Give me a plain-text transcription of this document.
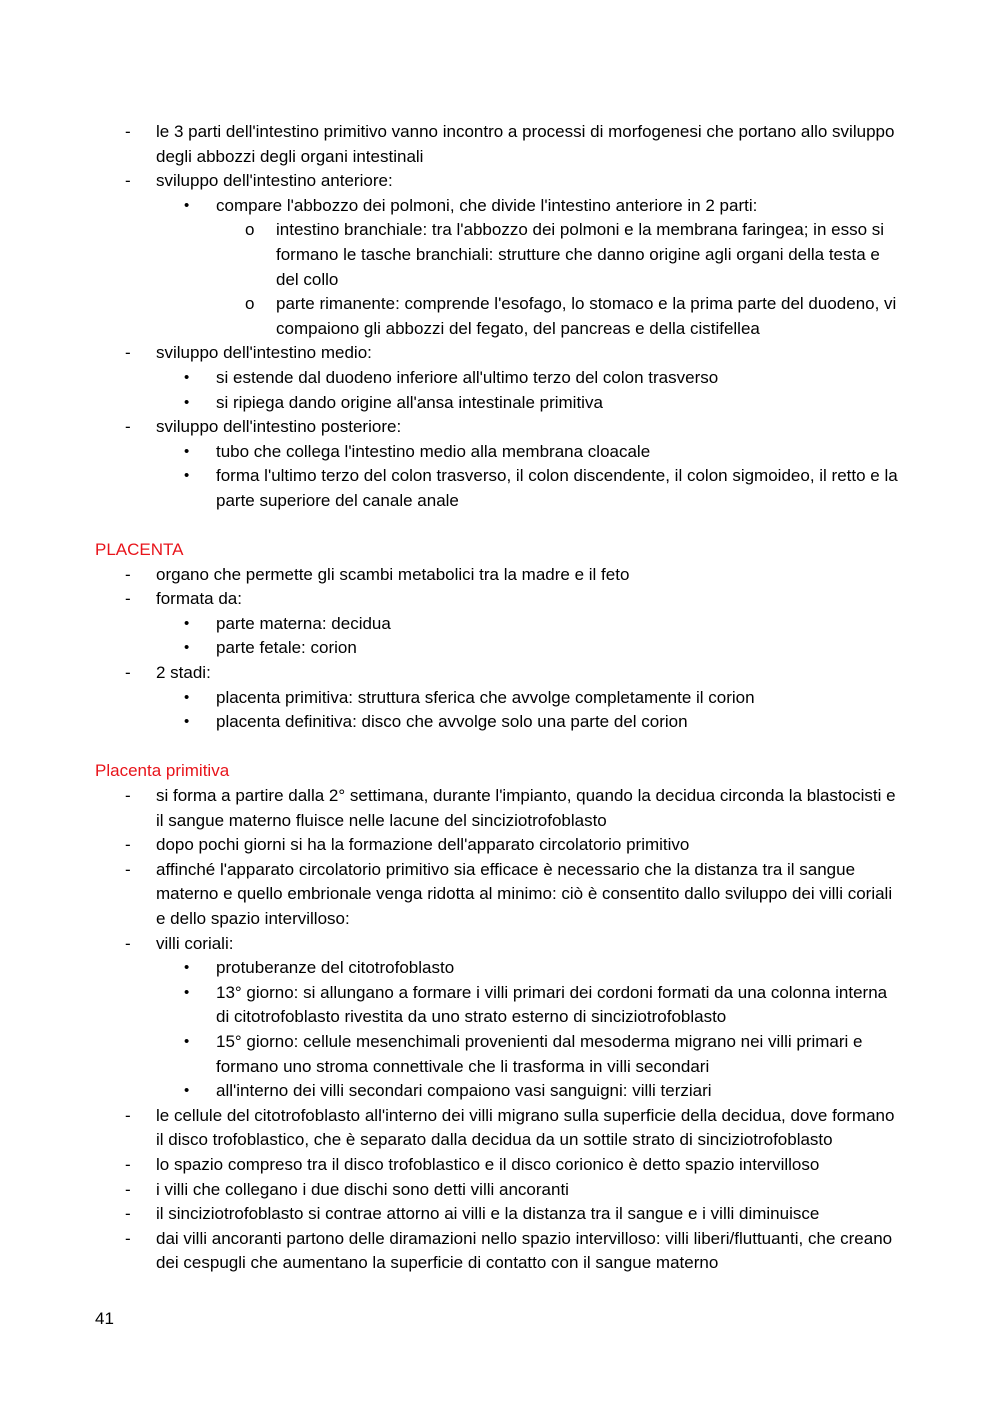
- le 3 parti dell'intestino primitivo vanno incontro a processi di morfogenesi che portano allo sviluppo degli abbozzi degli organi intestinali
- sviluppo dell'intestino anteriore:
• compare l'abbozzo dei polmoni, che divide l'intestino anteriore in 2 parti:
o intestino branchiale: tra l'abbozzo dei polmoni e la membrana faringea; in esso si formano le tasche branchiali: strutture che danno origine agli organi della testa e del collo
o parte rimanente: comprende l'esofago, lo stomaco e la prima parte del duodeno, vi compaiono gli abbozzi del fegato, del pancreas e della cistifellea
- sviluppo dell'intestino medio:
• si estende dal duodeno inferiore all'ultimo terzo del colon trasverso
• si ripiega dando origine all'ansa intestinale primitiva
- sviluppo dell'intestino posteriore:
• tubo che collega l'intestino medio alla membrana cloacale
• forma l'ultimo terzo del colon trasverso, il colon discendente, il colon sigmoideo, il retto e la parte superiore del canale anale
PLACENTA
- organo che permette gli scambi metabolici tra la madre e il feto
- formata da:
• parte materna: decidua
• parte fetale: corion
- 2 stadi:
• placenta primitiva: struttura sferica che avvolge completamente il corion
• placenta definitiva: disco che avvolge solo una parte del corion
Placenta primitiva
- si forma a partire dalla 2° settimana, durante l'impianto, quando la decidua circonda la blastocisti e il sangue materno fluisce nelle lacune del sinciziotrofoblasto
- dopo pochi giorni si ha la formazione dell'apparato circolatorio primitivo
- affinché l'apparato circolatorio primitivo sia efficace è necessario che la distanza tra il sangue materno e quello embrionale venga ridotta al minimo: ciò è consentito dallo sviluppo dei villi coriali e dello spazio intervilloso:
- villi coriali:
• protuberanze del citotrofoblasto
• 13° giorno: si allungano a formare i villi primari dei cordoni formati da una colonna interna di citotrofoblasto rivestita da uno strato esterno di sinciziotrofoblasto
• 15° giorno: cellule mesenchimali provenienti dal mesoderma migrano nei villi primari e formano uno stroma connettivale che li trasforma in villi secondari
• all'interno dei villi secondari compaiono vasi sanguigni: villi terziari
- le cellule del citotrofoblasto all'interno dei villi migrano sulla superficie della decidua, dove formano il disco trofoblastico, che è separato dalla decidua da un sottile strato di sinciziotrofoblasto
- lo spazio compreso tra il disco trofoblastico e il disco corionico è detto spazio intervilloso
- i villi che collegano i due dischi sono detti villi ancoranti
- il sinciziotrofoblasto si contrae attorno ai villi e la distanza tra il sangue e i villi diminuisce
- dai villi ancoranti partono delle diramazioni nello spazio intervilloso: villi liberi/fluttuanti, che creano dei cespugli che aumentano la superficie di contatto con il sangue materno
41
